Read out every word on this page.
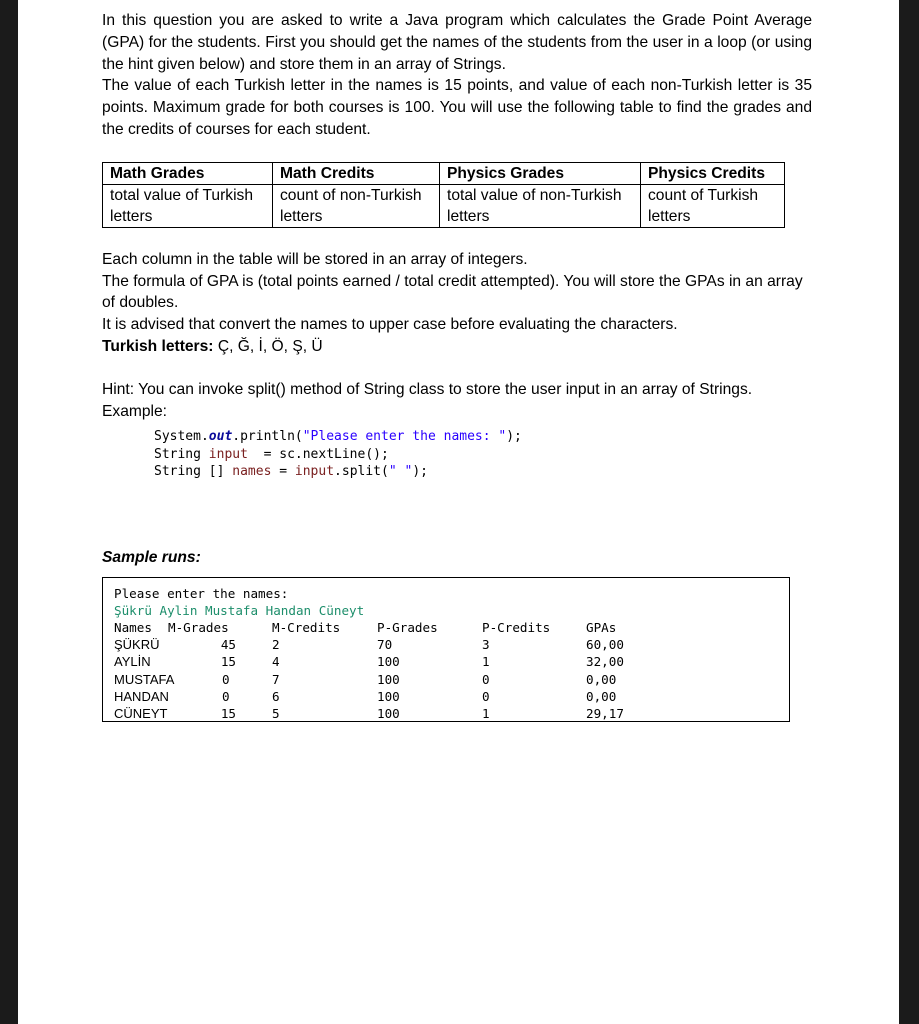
In this question you are asked to write a Java program which calculates the Grade Point Average (GPA) for the students. First you should get the names of the students from the user in a loop (or using the hint given below) and store them in an array of Strings.

The value of each Turkish letter in the names is 15 points, and value of each non-Turkish letter is 35 points. Maximum grade for both courses is 100. You will use the following table to find the grades and the credits of courses for each student.

Math Grades	Math Credits	Physics Grades	Physics Credits
total value of Turkish letters	count of non-Turkish letters	total value of non-Turkish letters	count of Turkish letters

Each column in the table will be stored in an array of integers.

The formula of GPA is (total points earned / total credit attempted). You will store the GPAs in an array of doubles.

It is advised that convert the names to upper case before evaluating the characters.

Turkish letters: Ç, Ğ, İ, Ö, Ş, Ü

Hint: You can invoke split() method of String class to store the user input in an array of Strings.

Example:

System.out.println("Please enter the names: ");
String input  = sc.nextLine();
String [] names = input.split(" ");
Sample runs:
Please enter the names:
Şükrü Aylin Mustafa Handan Cüneyt
Names M-Grades	M-Credits	P-Grades	P-Credits	GPAs
ŞÜKRÜ	45	2	70	3	60,00
AYLİN	15	4	100	1	32,00
MUSTAFA	0	7	100	0	0,00
HANDAN	0	6	100	0	0,00
CÜNEYT	15	5	100	1	29,17
